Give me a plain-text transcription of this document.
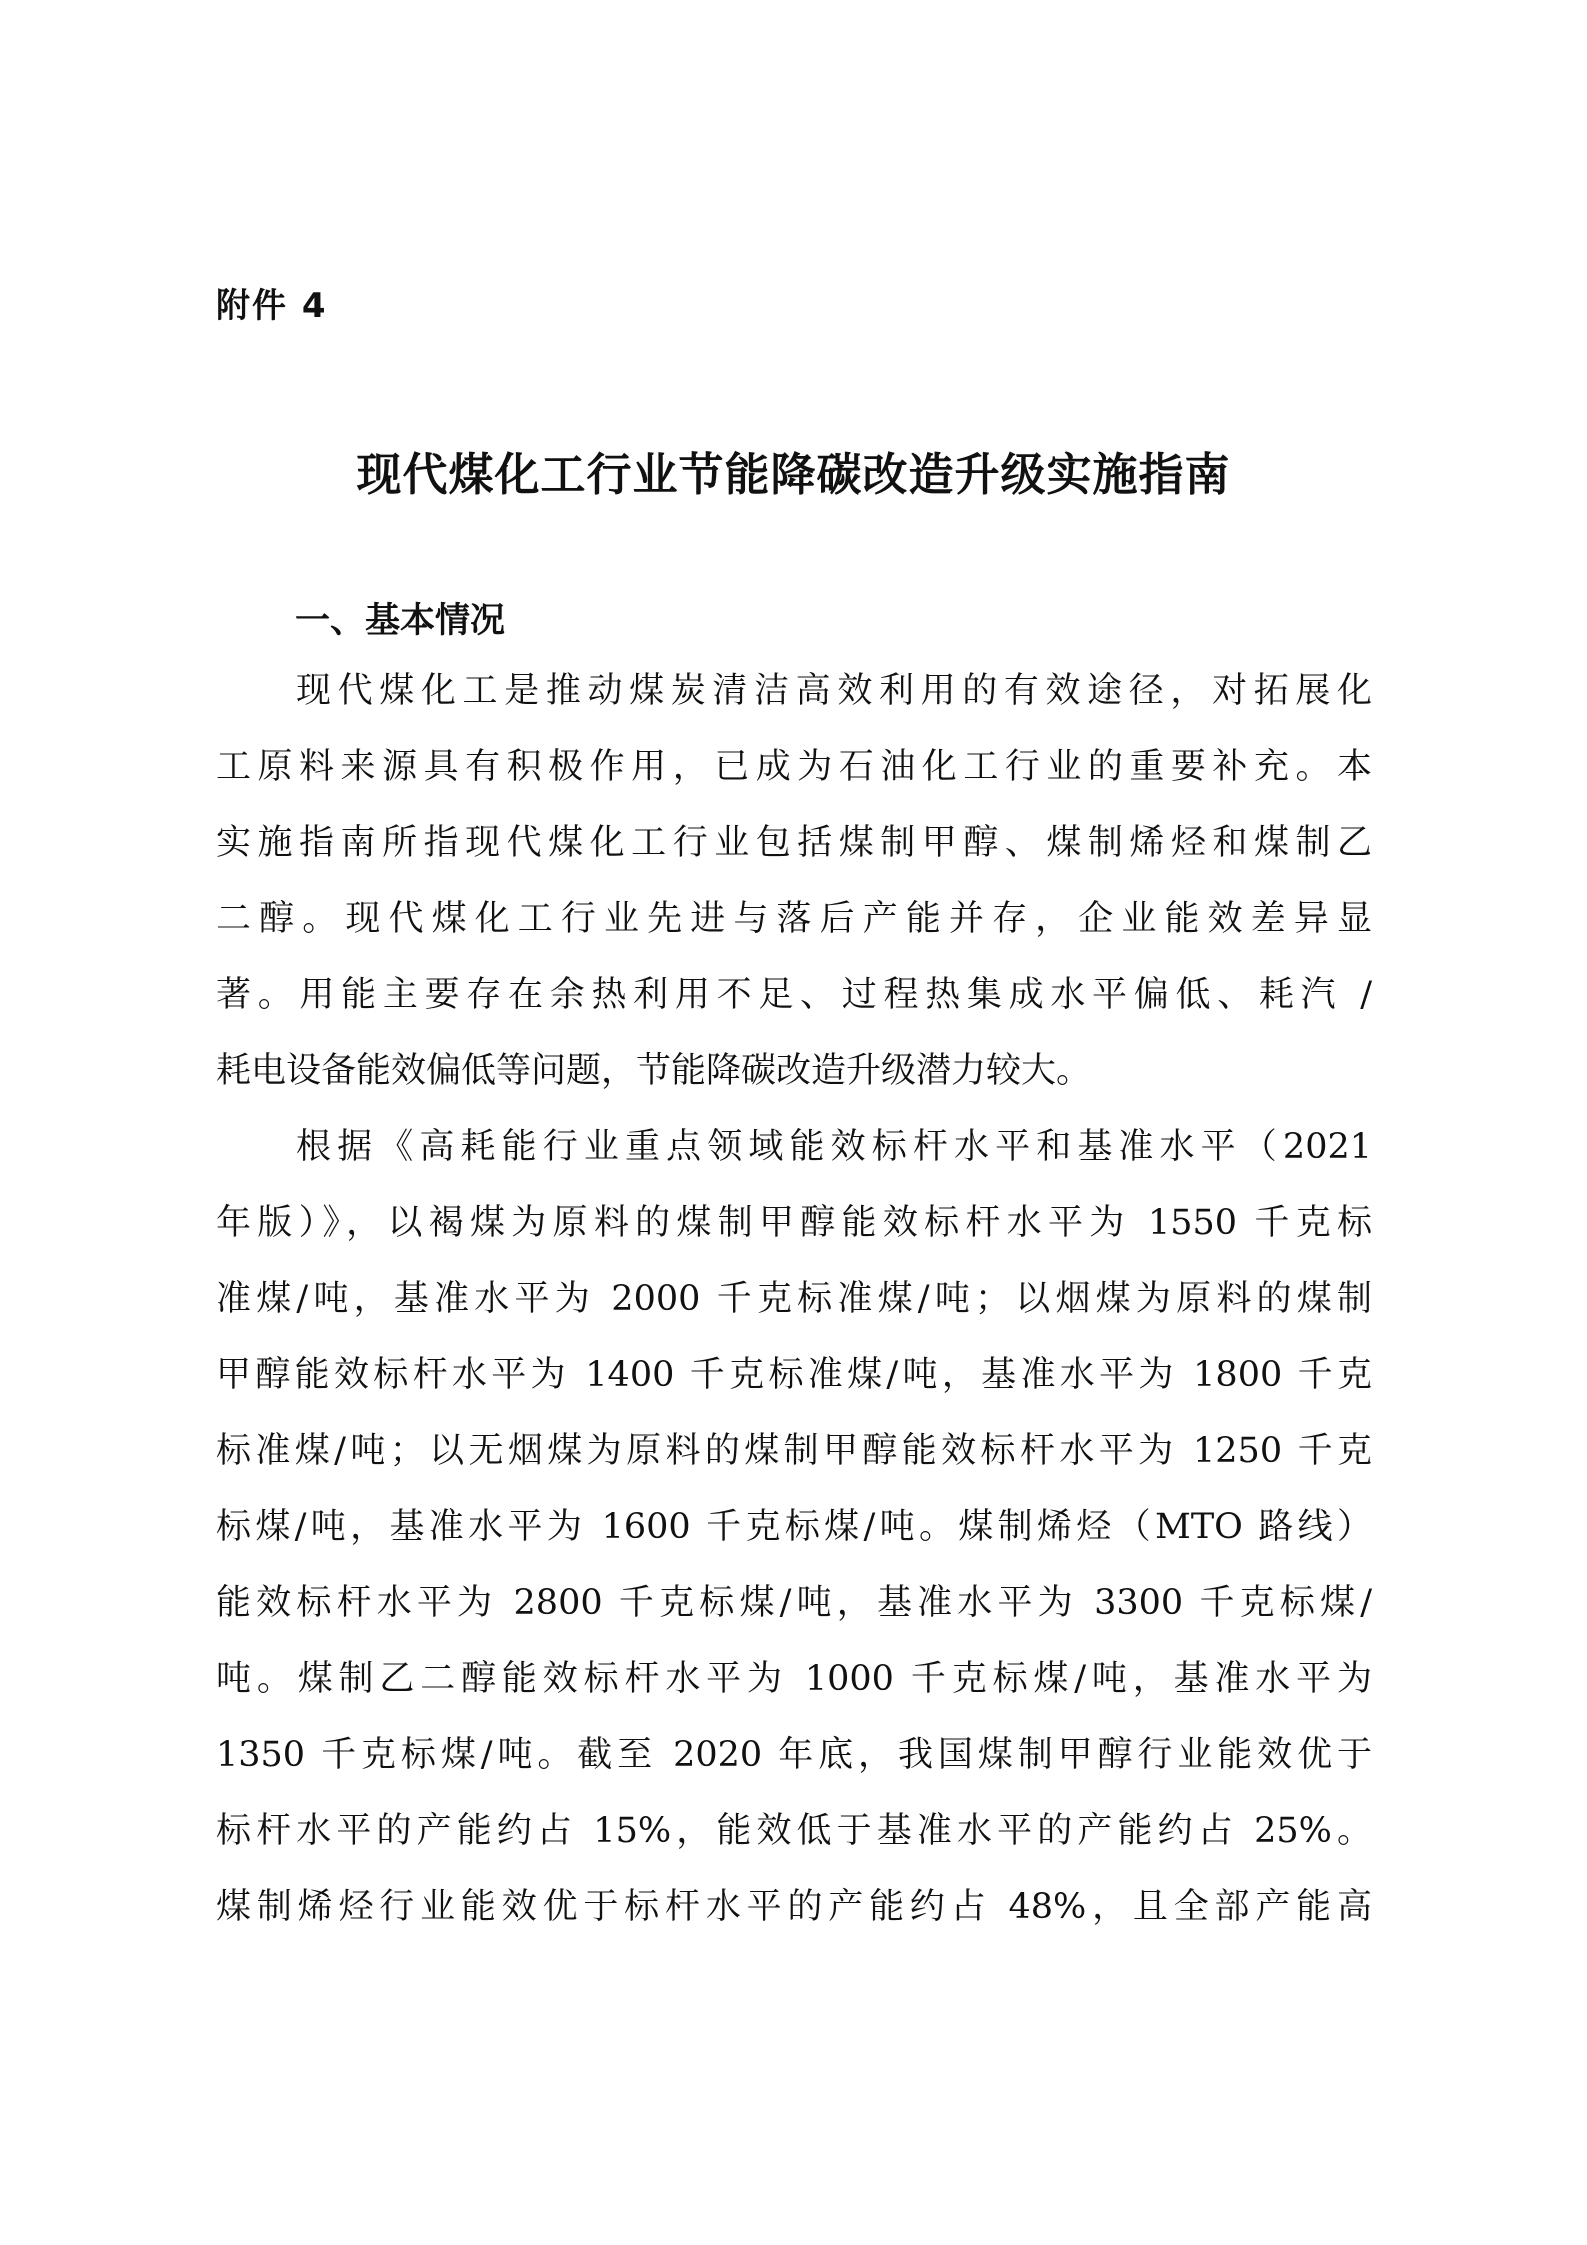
附件 4
现代煤化工行业节能降碳改造升级实施指南
一、基本情况
现代煤化工是推动煤炭清洁高效利用的有效途径，对拓展化
工原料来源具有积极作用，已成为石油化工行业的重要补充。本
实施指南所指现代煤化工行业包括煤制甲醇、煤制烯烃和煤制乙
二醇。现代煤化工行业先进与落后产能并存，企业能效差异显
著。用能主要存在余热利用不足、过程热集成水平偏低、耗汽 /
耗电设备能效偏低等问题，节能降碳改造升级潜力较大。
根据《高耗能行业重点领域能效标杆水平和基准水平（2021
年版）》，以褐煤为原料的煤制甲醇能效标杆水平为 1550 千克标
准煤/吨，基准水平为 2000 千克标准煤/吨；以烟煤为原料的煤制
甲醇能效标杆水平为 1400 千克标准煤/吨，基准水平为 1800 千克
标准煤/吨；以无烟煤为原料的煤制甲醇能效标杆水平为 1250 千克
标煤/吨，基准水平为 1600 千克标煤/吨。煤制烯烃（MTO 路线）
能效标杆水平为 2800 千克标煤/吨，基准水平为 3300 千克标煤/
吨。煤制乙二醇能效标杆水平为 1000 千克标煤/吨，基准水平为
1350 千克标煤/吨。截至 2020 年底，我国煤制甲醇行业能效优于
标杆水平的产能约占 15%，能效低于基准水平的产能约占 25%。
煤制烯烃行业能效优于标杆水平的产能约占 48%，且全部产能高
